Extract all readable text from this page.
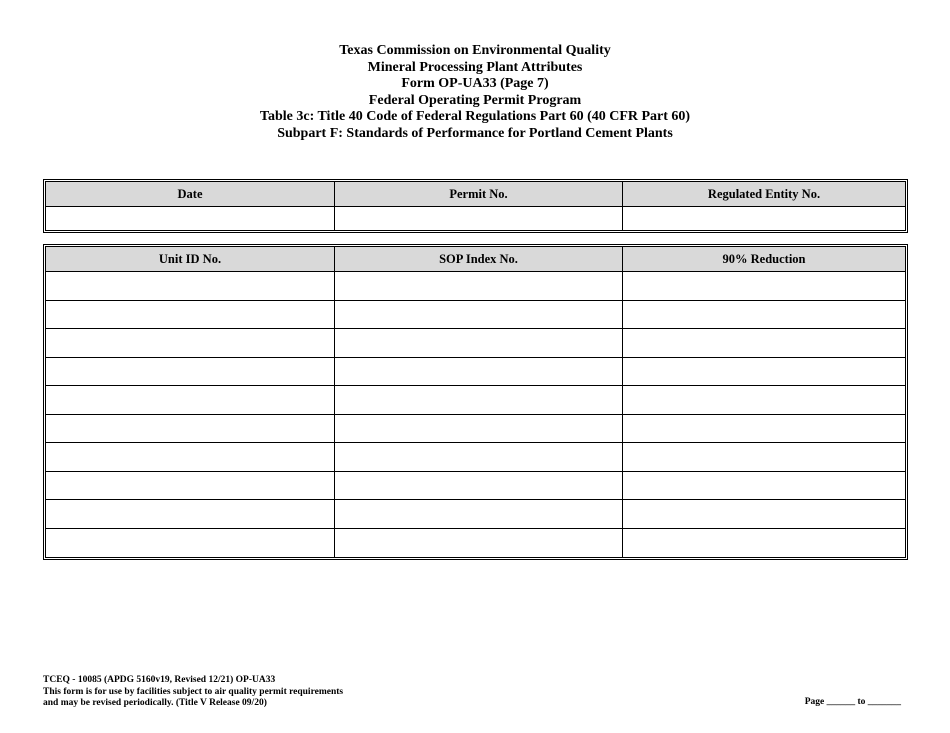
Texas Commission on Environmental Quality
Mineral Processing Plant Attributes
Form OP-UA33 (Page 7)
Federal Operating Permit Program
Table 3c: Title 40 Code of Federal Regulations Part 60 (40 CFR Part 60)
Subpart F: Standards of Performance for Portland Cement Plants
Date	Permit No.	Regulated Entity No.

Unit ID No.	SOP Index No.	90% Reduction

TCEQ - 10085 (APDG 5160v19, Revised 12/21) OP-UA33
This form is for use by facilities subject to air quality permit requirements
and may be revised periodically. (Title V Release 09/20)	Page ______ to _______
